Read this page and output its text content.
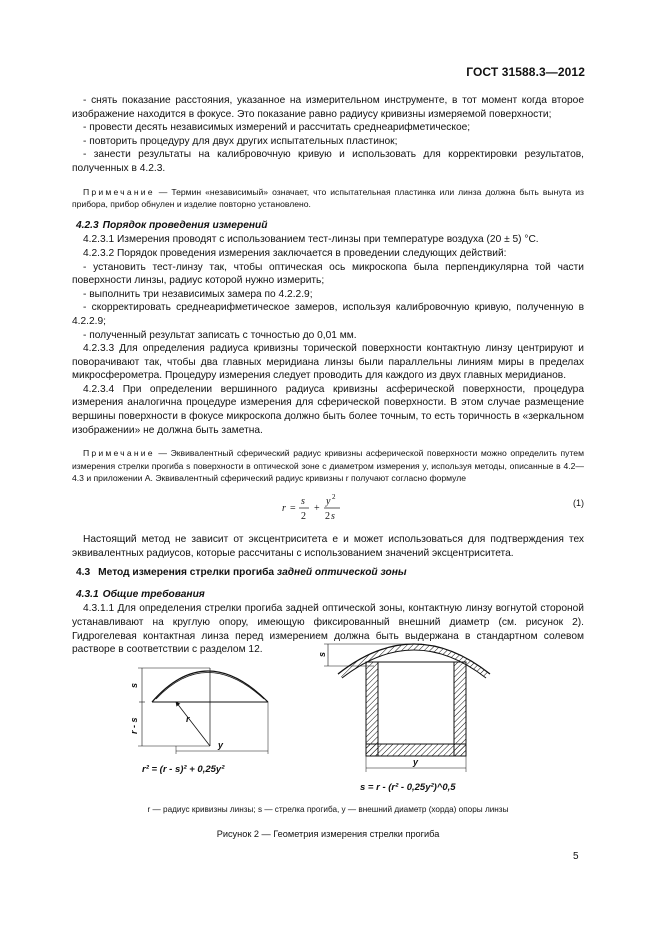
ГОСТ 31588.3—2012

- снять показание расстояния, указанное на измерительном инструменте, в тот момент когда второе изображение находится в фокусе. Это показание равно радиусу кривизны измеряемой поверхности;

- провести десять независимых измерений и рассчитать среднеарифметическое;

- повторить процедуру для двух других испытательных пластинок;

- занести результаты на калибровочную кривую и использовать для корректировки результатов, полученных в 4.2.3.

Примечание — Термин «независимый» означает, что испытательная пластинка или линза должна быть вынута из прибора, прибор обнулен и изделие повторно установлено.

4.2.3 Порядок проведения измерений

4.2.3.1 Измерения проводят с использованием тест-линзы при температуре воздуха (20 ± 5) °С.

4.2.3.2 Порядок проведения измерения заключается в проведении следующих действий:

- установить тест-линзу так, чтобы оптическая ось микроскопа была перпендикулярна той части поверхности линзы, радиус которой нужно измерить;

- выполнить три независимых замера по 4.2.2.9;

- скорректировать среднеарифметическое замеров, используя калибровочную кривую, полученную в 4.2.2.9;

- полученный результат записать с точностью до 0,01 мм.

4.2.3.3 Для определения радиуса кривизны торической поверхности контактную линзу центрируют и поворачивают так, чтобы два главных меридиана линзы были параллельны линиям миры в пределах микросферометра. Процедуру измерения следует проводить для каждого из двух главных меридианов.

4.2.3.4 При определении вершинного радиуса кривизны асферической поверхности, процедура измерения аналогична процедуре измерения для сферической поверхности. В этом случае размещение вершины поверхности в фокусе микроскопа должно быть более точным, то есть торичность в «зеркальном изображении» не должна быть заметна.

Примечание — Эквивалентный сферический радиус кривизны асферической поверхности можно определить путем измерения стрелки прогиба s поверхности в оптической зоне с диаметром измерения y, используя методы, описанные в 4.2—4.3 и приложении А. Эквивалентный сферический радиус кривизны r получают согласно формуле

r =
s
2
+
y 2
2 s
(1)

Настоящий метод не зависит от эксцентриситета e и может использоваться для подтверждения тех эквивалентных радиусов, которые рассчитаны с использованием значений эксцентриситета.

4.3 Метод измерения стрелки прогиба задней оптической зоны
4.3.1 Общие требования

4.3.1.1 Для определения стрелки прогиба задней оптической зоны, контактную линзу вогнутой стороной устанавливают на круглую опору, имеющую фиксированный внешний диаметр (см. рисунок 2). Гидрогелевая контактная линза перед измерением должна быть выдержана в стандартном солевом растворе в соответствии с разделом 12.

s
r - s	r
y
r² = (r - s)² + 0,25y²
s
y
s = r - (r² - 0,25y²)^0,5
r — радиус кривизны линзы; s — стрелка прогиба, y — внешний диаметр (хорда) опоры линзы
Рисунок 2 — Геометрия измерения стрелки прогиба
5
